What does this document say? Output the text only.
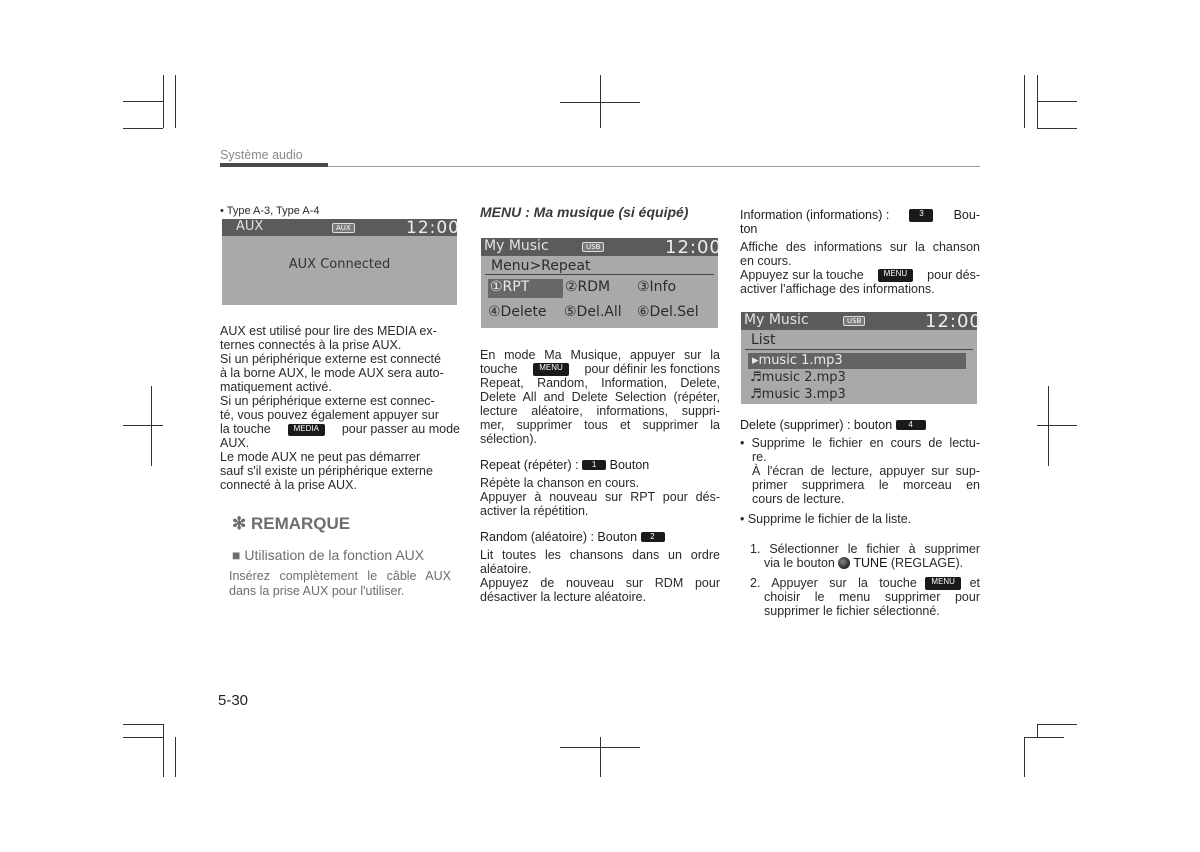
Système audio

• Type A-3, Type A-4

AUX	AUX	12:00
AUX Connected

AUX est utilisé pour lire des MEDIA ex-

ternes connectés à la prise AUX.

Si un périphérique externe est connecté

à la borne AUX, le mode AUX sera auto-

matiquement activé.

Si un périphérique externe est connec-

té, vous pouvez également appuyer sur

la touche	MEDIA	pour passer au mode

AUX.

Le mode AUX ne peut pas démarrer

sauf s'il existe un périphérique externe

connecté à la prise AUX.

✻ REMARQUE
■ Utilisation de la fonction AUX

Insérez complètement le câble AUX

dans la prise AUX pour l'utiliser.

MENU : Ma musique (si équipé)
My Music	USB	12:00
Menu>Repeat
①RPT	②RDM ③Info
④Delete ⑤Del.All ⑥Del.Sel

En mode Ma Musique, appuyer sur la

touche	MENU	pour définir les fonctions

Repeat, Random, Information, Delete,

Delete All and Delete Selection (répéter,

lecture aléatoire, informations, suppri-

mer, supprimer tous et supprimer la

sélection).

Repeat (répéter) : 1 Bouton

Répète la chanson en cours.

Appuyer à nouveau sur RPT pour dés-

activer la répétition.

Random (aléatoire) : Bouton 2

Lit toutes les chansons dans un ordre

aléatoire.

Appuyez de nouveau sur RDM pour

désactiver la lecture aléatoire.

Information (informations) :	3	Bou-

ton

Affiche des informations sur la chanson

en cours.

Appuyez sur la touche	MENU	pour dés-

activer l'affichage des informations.

My Music	USB	12:00
List
▸music 1.mp3
♬music 2.mp3
♬music 3.mp3

Delete (supprimer) : bouton 4

• Supprime le fichier en cours de lectu-

re.

À l'écran de lecture, appuyer sur sup-

primer supprimera le morceau en

cours de lecture.

• Supprime le fichier de la liste.

1. Sélectionner le fichier à supprimer

via le bouton TUNE (REGLAGE).

2. Appuyer sur la touche	MENU	et

choisir le menu supprimer pour

supprimer le fichier sélectionné.

5-30
